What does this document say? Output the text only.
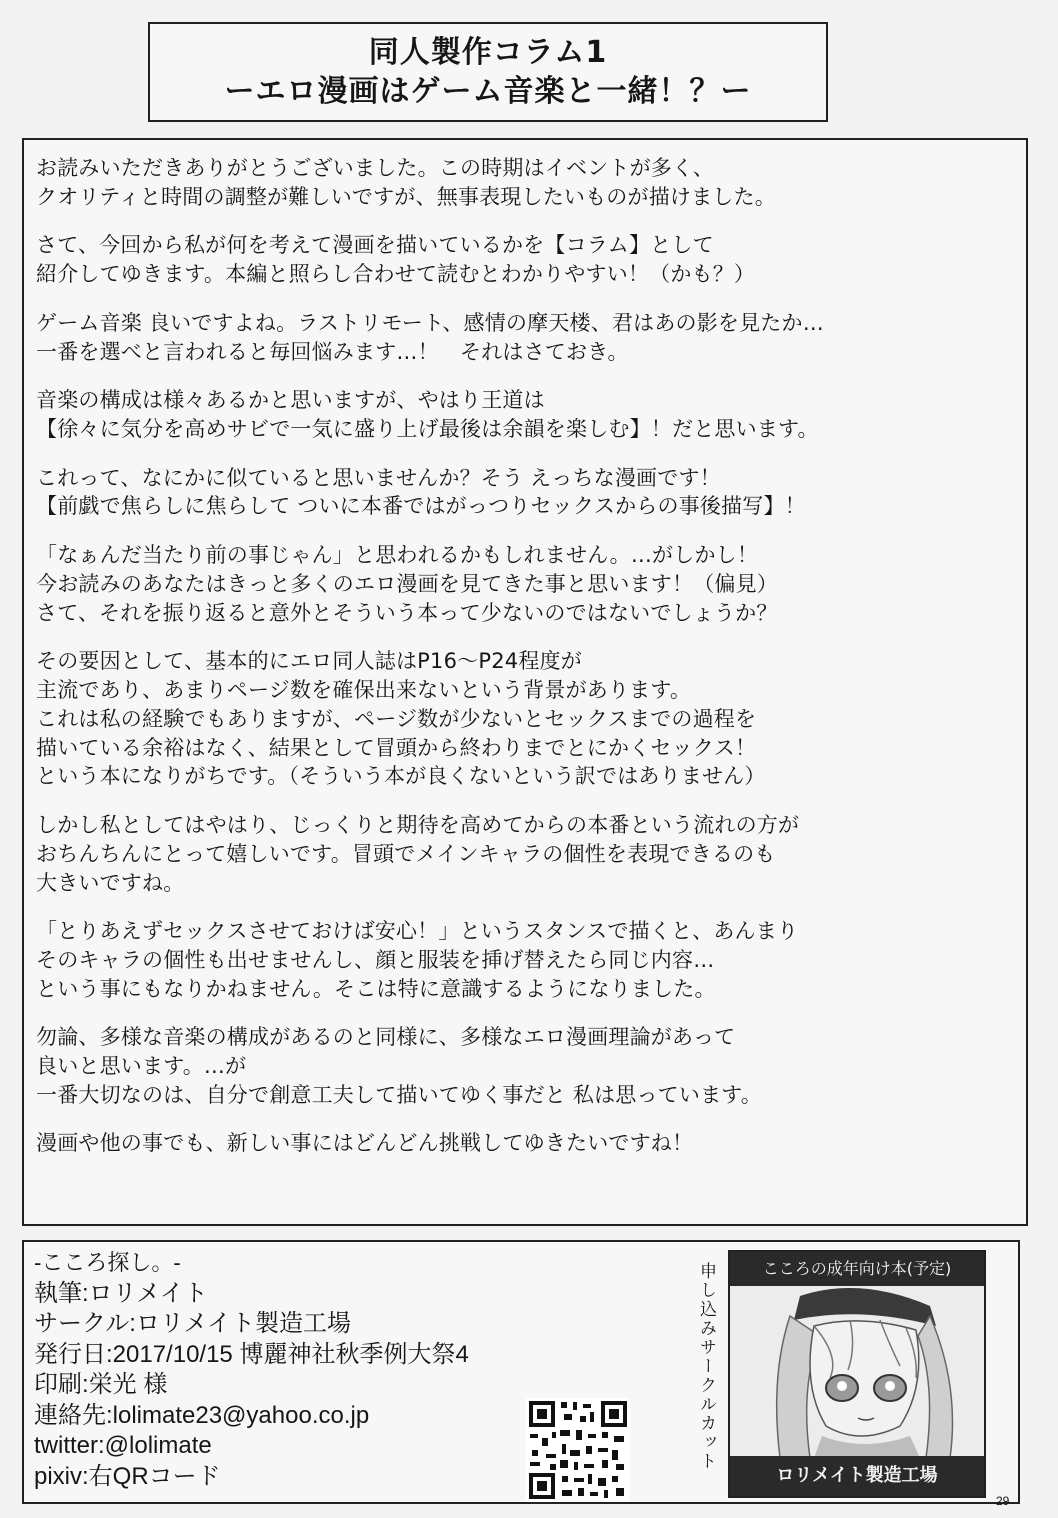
同人製作コラム1
ーエロ漫画はゲーム音楽と一緒！？ー
お読みいただきありがとうございました。この時期はイベントが多く、
クオリティと時間の調整が難しいですが、無事表現したいものが描けました。
さて、今回から私が何を考えて漫画を描いているかを【コラム】として
紹介してゆきます。本編と照らし合わせて読むとわかりやすい！（かも？）
ゲーム音楽 良いですよね。ラストリモート、感情の摩天楼、君はあの影を見たか…
一番を選べと言われると毎回悩みます…！　それはさておき。
音楽の構成は様々あるかと思いますが、やはり王道は
【徐々に気分を高めサビで一気に盛り上げ最後は余韻を楽しむ】！だと思います。
これって、なにかに似ていると思いませんか？そう えっちな漫画です！
【前戯で焦らしに焦らして ついに本番ではがっつりセックスからの事後描写】！
「なぁんだ当たり前の事じゃん」と思われるかもしれません。…がしかし！
今お読みのあなたはきっと多くのエロ漫画を見てきた事と思います！（偏見）
さて、それを振り返ると意外とそういう本って少ないのではないでしょうか？
その要因として、基本的にエロ同人誌はP16〜P24程度が
主流であり、あまりページ数を確保出来ないという背景があります。
これは私の経験でもありますが、ページ数が少ないとセックスまでの過程を
描いている余裕はなく、結果として冒頭から終わりまでとにかくセックス！
という本になりがちです。（そういう本が良くないという訳ではありません）
しかし私としてはやはり、じっくりと期待を高めてからの本番という流れの方が
おちんちんにとって嬉しいです。冒頭でメインキャラの個性を表現できるのも
大きいですね。
「とりあえずセックスさせておけば安心！」というスタンスで描くと、あんまり
そのキャラの個性も出せませんし、顔と服装を挿げ替えたら同じ内容…
という事にもなりかねません。そこは特に意識するようになりました。
勿論、多様な音楽の構成があるのと同様に、多様なエロ漫画理論があって
良いと思います。…が
一番大切なのは、自分で創意工夫して描いてゆく事だと 私は思っています。
漫画や他の事でも、新しい事にはどんどん挑戦してゆきたいですね！
-こころ探し。-
執筆:ロリメイト
サークル:ロリメイト製造工場
発行日:2017/10/15 博麗神社秋季例大祭4
印刷:栄光 様
連絡先:lolimate23@yahoo.co.jp
twitter:@lolimate
pixiv:右QRコード
申し込みサークルカット	こころの成年向け本(予定)
ロリメイト製造工場
29
